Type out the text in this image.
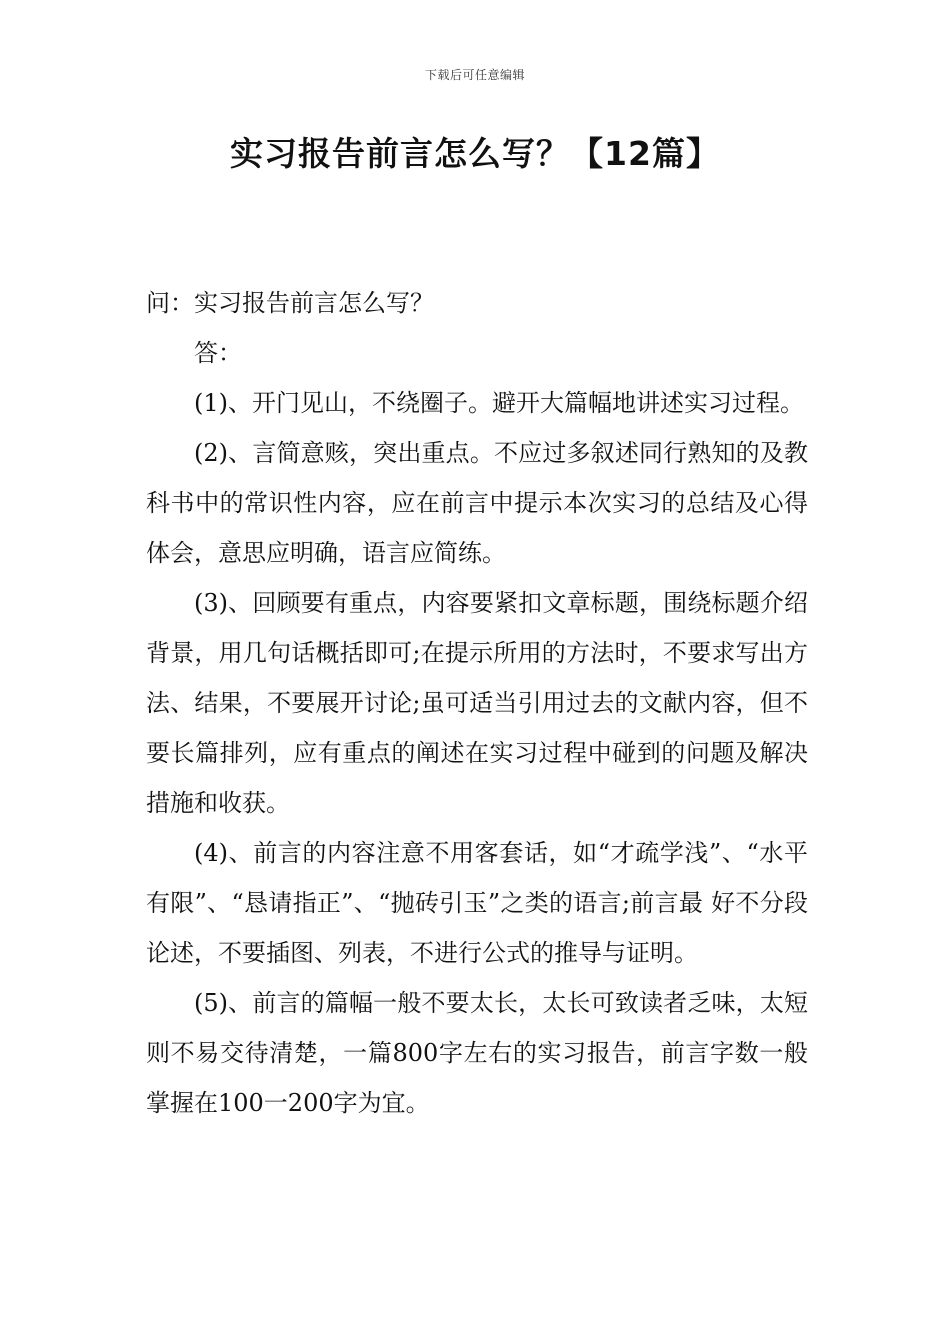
下载后可任意编辑
实习报告前言怎么写？【12篇】

问：实习报告前言怎么写？

答：

(1)、开门见山，不绕圈子。避开大篇幅地讲述实习过程。

(2)、言简意赅，突出重点。不应过多叙述同行熟知的及教科书中的常识性内容，应在前言中提示本次实习的总结及心得体会，意思应明确，语言应简练。

(3)、回顾要有重点，内容要紧扣文章标题，围绕标题介绍背景，用几句话概括即可;在提示所用的方法时，不要求写出方法、结果，不要展开讨论;虽可适当引用过去的文献内容，但不要长篇排列，应有重点的阐述在实习过程中碰到的问题及解决措施和收获。

(4)、前言的内容注意不用客套话，如“才疏学浅”、“水平有限”、“恳请指正”、“抛砖引玉”之类的语言;前言最 好不分段论述，不要插图、列表，不进行公式的推导与证明。

(5)、前言的篇幅一般不要太长，太长可致读者乏味，太短则不易交待清楚，一篇800字左右的实习报告，前言字数一般掌握在100一200字为宜。
